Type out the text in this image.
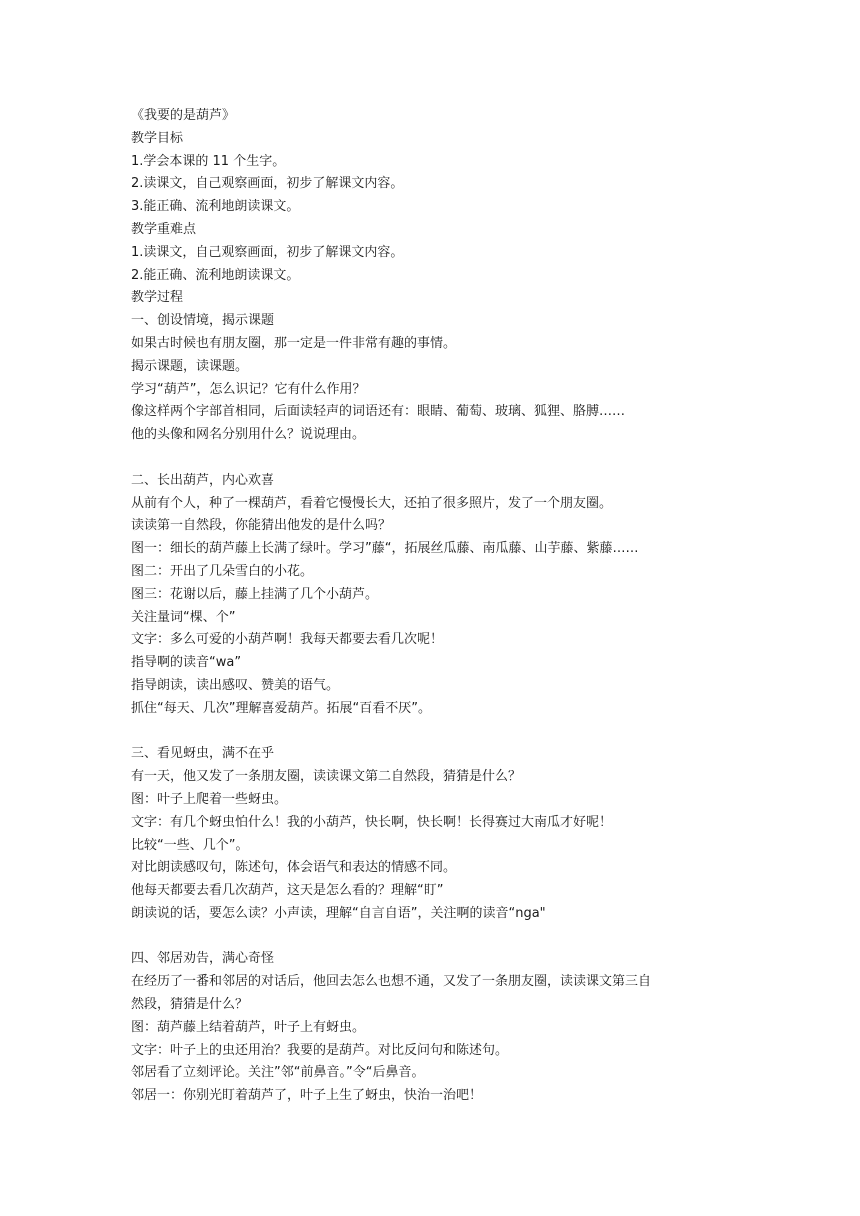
《我要的是葫芦》
教学目标
1.学会本课的 11 个生字。
2.读课文，自己观察画面，初步了解课文内容。
3.能正确、流利地朗读课文。
教学重难点
1.读课文，自己观察画面，初步了解课文内容。
2.能正确、流利地朗读课文。
教学过程
一、创设情境，揭示课题
如果古时候也有朋友圈，那一定是一件非常有趣的事情。
揭示课题，读课题。
学习“葫芦”，怎么识记？它有什么作用？
像这样两个字部首相同，后面读轻声的词语还有：眼睛、葡萄、玻璃、狐狸、胳膊……
他的头像和网名分别用什么？说说理由。
二、长出葫芦，内心欢喜
从前有个人，种了一棵葫芦，看着它慢慢长大，还拍了很多照片，发了一个朋友圈。
读读第一自然段，你能猜出他发的是什么吗？
图一：细长的葫芦藤上长满了绿叶。学习”藤“，拓展丝瓜藤、南瓜藤、山芋藤、紫藤……
图二：开出了几朵雪白的小花。
图三：花谢以后，藤上挂满了几个小葫芦。
关注量词“棵、个”
文字：多么可爱的小葫芦啊！我每天都要去看几次呢！
指导啊的读音“wa”
指导朗读，读出感叹、赞美的语气。
抓住“每天、几次”理解喜爱葫芦。拓展“百看不厌”。
三、看见蚜虫，满不在乎
有一天，他又发了一条朋友圈，读读课文第二自然段，猜猜是什么？
图：叶子上爬着一些蚜虫。
文字：有几个蚜虫怕什么！我的小葫芦，快长啊，快长啊！长得赛过大南瓜才好呢！
比较“一些、几个”。
对比朗读感叹句，陈述句，体会语气和表达的情感不同。
他每天都要去看几次葫芦，这天是怎么看的？理解“盯”
朗读说的话，要怎么读？小声读，理解“自言自语”，关注啊的读音“nga"
四、邻居劝告，满心奇怪
在经历了一番和邻居的对话后，他回去怎么也想不通，又发了一条朋友圈，读读课文第三自
然段，猜猜是什么？
图：葫芦藤上结着葫芦，叶子上有蚜虫。
文字：叶子上的虫还用治？我要的是葫芦。对比反问句和陈述句。
邻居看了立刻评论。关注”邻“前鼻音。”令“后鼻音。
邻居一：你别光盯着葫芦了，叶子上生了蚜虫，快治一治吧！
